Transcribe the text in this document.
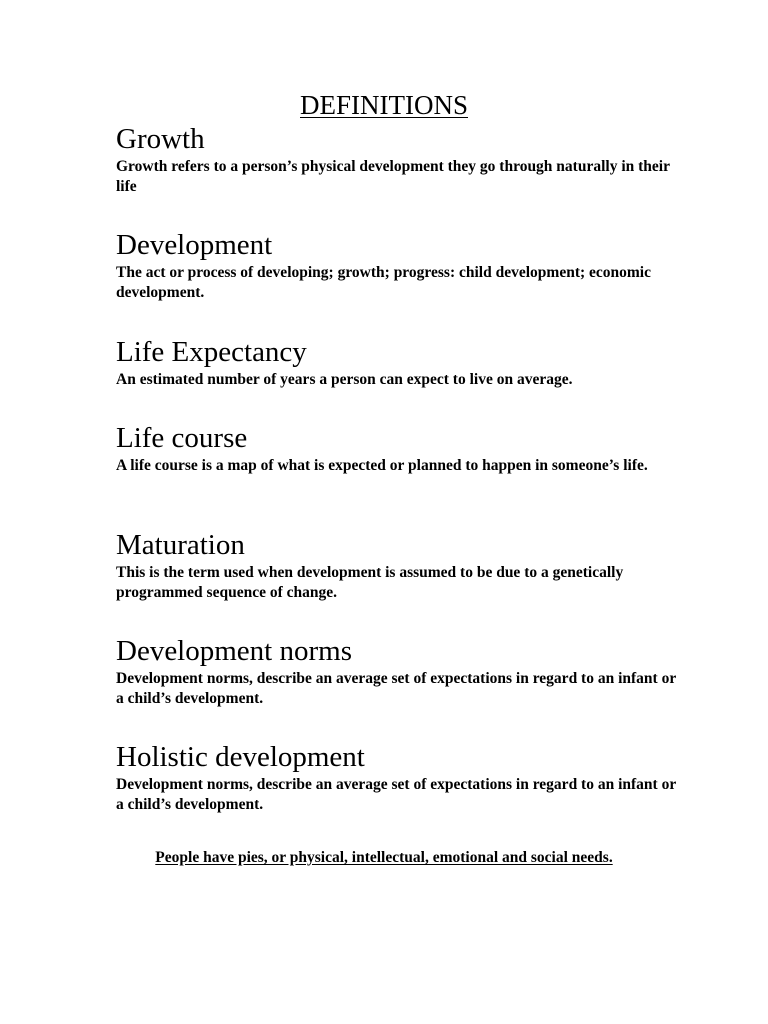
DEFINITIONS
Growth

Growth refers to a person’s physical development they go through naturally in their life

Development

The act or process of developing; growth; progress: child development; economic development.

Life Expectancy

An estimated number of years a person can expect to live on average.

Life course

A life course is a map of what is expected or planned to happen in someone’s life.

Maturation

This is the term used when development is assumed to be due to a genetically programmed sequence of change.

Development norms

Development norms, describe an average set of expectations in regard to an infant or a child’s development.

Holistic development

Development norms, describe an average set of expectations in regard to an infant or a child’s development.

People have pies, or physical, intellectual, emotional and social needs.
